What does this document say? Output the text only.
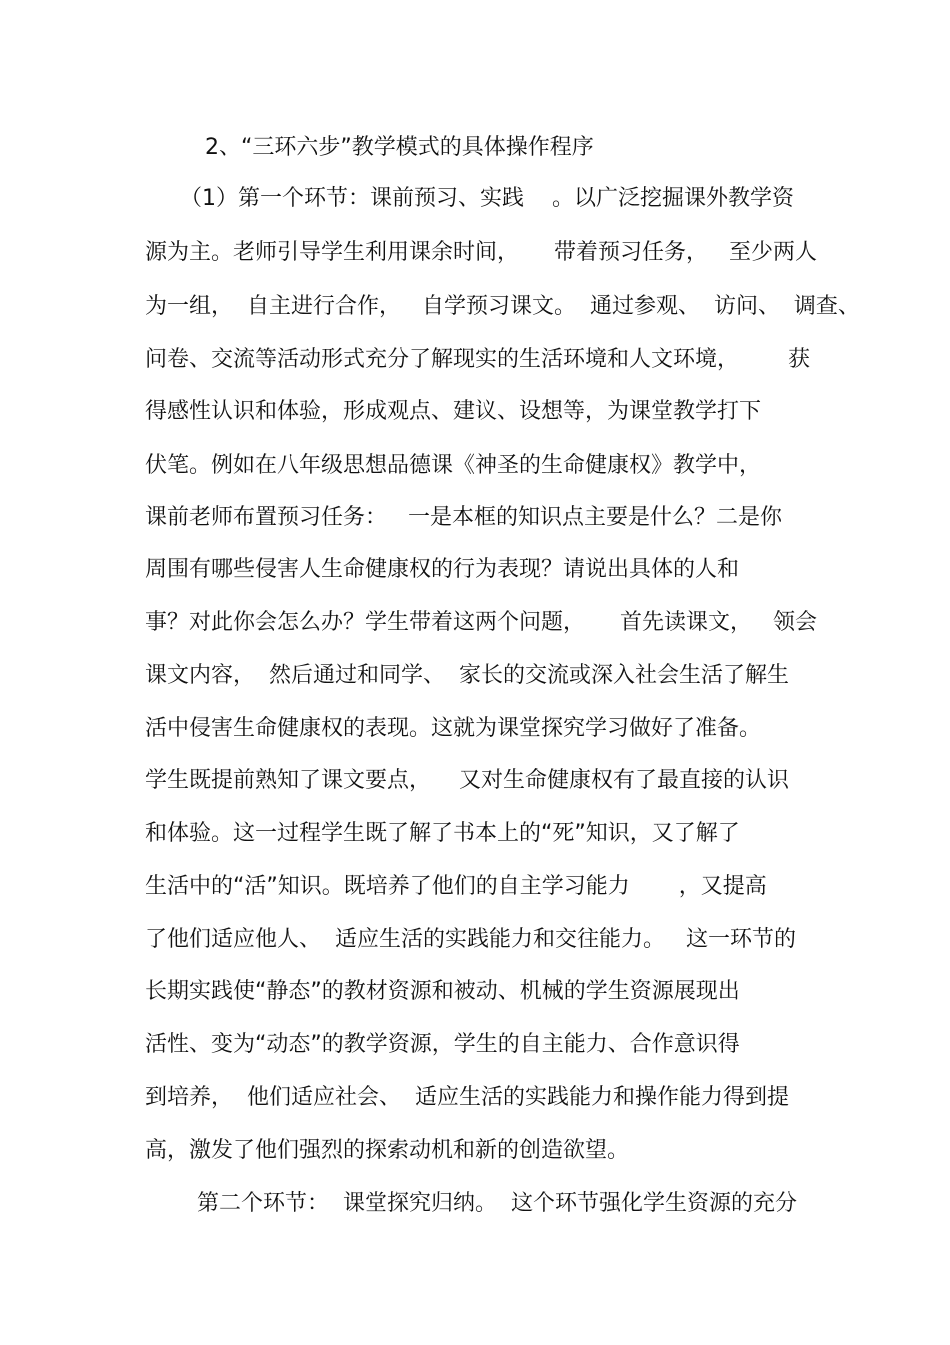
2、“三环六步”教学模式的具体操作程序
（1）第一个环节：课前预习、实践    。以广泛挖掘课外教学资
源为主。老师引导学生利用课余时间，     带着预习任务，   至少两人
为一组，  自主进行合作，   自学预习课文。  通过参观、  访问、  调查、
问卷、交流等活动形式充分了解现实的生活环境和人文环境，       获
得感性认识和体验，形成观点、建议、设想等，为课堂教学打下
伏笔。例如在八年级思想品德课《神圣的生命健康权》教学中，
课前老师布置预习任务：   一是本框的知识点主要是什么？二是你
周围有哪些侵害人生命健康权的行为表现？请说出具体的人和
事？对此你会怎么办？学生带着这两个问题，     首先读课文，   领会
课文内容，  然后通过和同学、  家长的交流或深入社会生活了解生
活中侵害生命健康权的表现。这就为课堂探究学习做好了准备。
学生既提前熟知了课文要点，    又对生命健康权有了最直接的认识
和体验。这一过程学生既了解了书本上的“死”知识，又了解了
生活中的“活”知识。既培养了他们的自主学习能力       ，又提高
了他们适应他人、  适应生活的实践能力和交往能力。   这一环节的
长期实践使“静态”的教材资源和被动、机械的学生资源展现出
活性、变为“动态”的教学资源，学生的自主能力、合作意识得
到培养，  他们适应社会、  适应生活的实践能力和操作能力得到提
高，激发了他们强烈的探索动机和新的创造欲望。
第二个环节：  课堂探究归纳。  这个环节强化学生资源的充分
